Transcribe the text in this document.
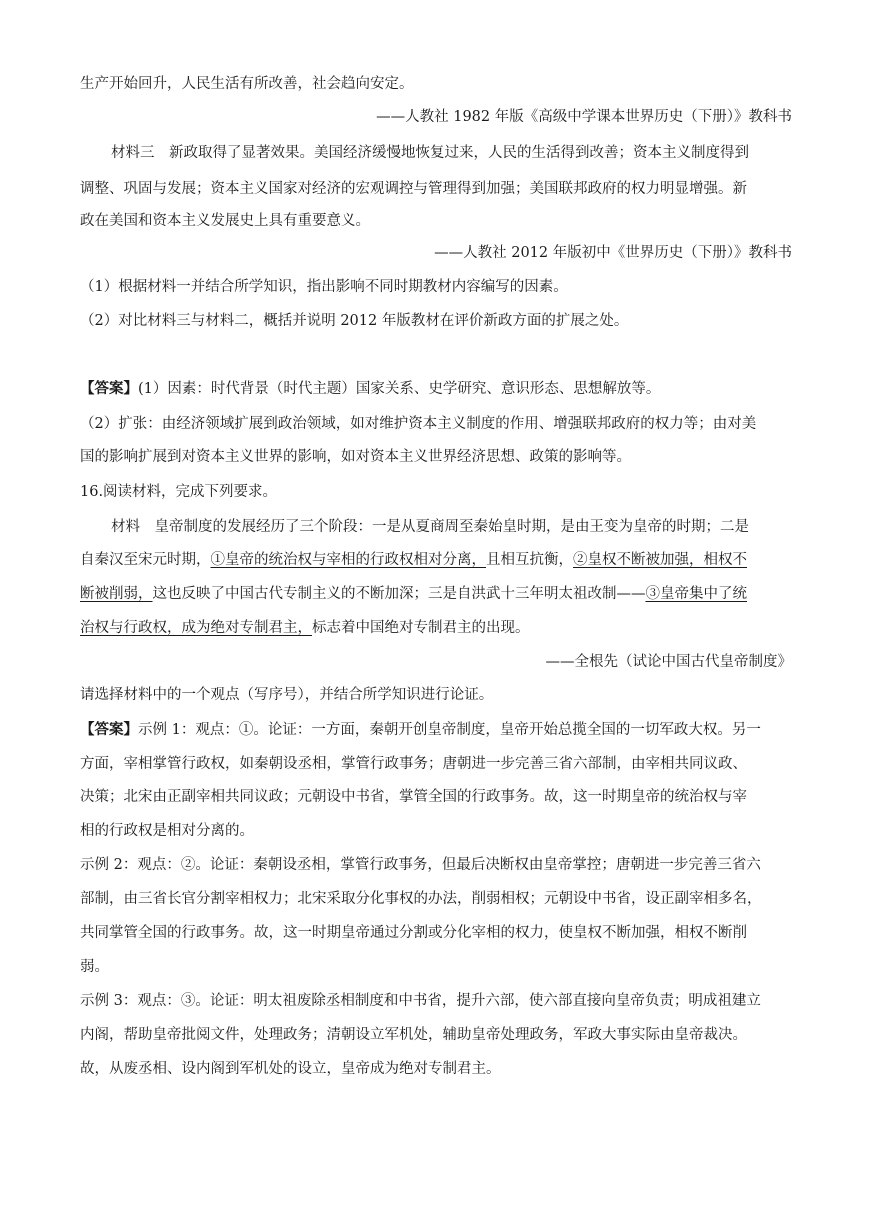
生产开始回升，人民生活有所改善，社会趋向安定。
——人教社 1982 年版《高级中学课本世界历史（下册）》教科书
材料三　新政取得了显著效果。美国经济缓慢地恢复过来，人民的生活得到改善；资本主义制度得到
调整、巩固与发展；资本主义国家对经济的宏观调控与管理得到加强；美国联邦政府的权力明显增强。新
政在美国和资本主义发展史上具有重要意义。
——人教社 2012 年版初中《世界历史（下册）》教科书
（1）根据材料一并结合所学知识，指出影响不同时期教材内容编写的因素。
（2）对比材料三与材料二，概括并说明 2012 年版教材在评价新政方面的扩展之处。
【答案】(1）因素：时代背景（时代主题）国家关系、史学研究、意识形态、思想解放等。
（2）扩张：由经济领域扩展到政治领域，如对维护资本主义制度的作用、增强联邦政府的权力等；由对美
国的影响扩展到对资本主义世界的影响，如对资本主义世界经济思想、政策的影响等。
16.阅读材料，完成下列要求。
材料　皇帝制度的发展经历了三个阶段：一是从夏商周至秦始皇时期，是由王变为皇帝的时期；二是
自秦汉至宋元时期，①皇帝的统治权与宰相的行政权相对分离，且相互抗衡，②皇权不断被加强，相权不
断被削弱，这也反映了中国古代专制主义的不断加深；三是自洪武十三年明太祖改制——③皇帝集中了统
治权与行政权，成为绝对专制君主，标志着中国绝对专制君主的出现。
——全根先（试论中国古代皇帝制度》
请选择材料中的一个观点（写序号），并结合所学知识进行论证。
【答案】示例 1：观点：①。论证：一方面，秦朝开创皇帝制度，皇帝开始总揽全国的一切军政大权。另一
方面，宰相掌管行政权，如秦朝设丞相，掌管行政事务；唐朝进一步完善三省六部制，由宰相共同议政、
决策；北宋由正副宰相共同议政；元朝设中书省，掌管全国的行政事务。故，这一时期皇帝的统治权与宰
相的行政权是相对分离的。
示例 2：观点：②。论证：秦朝设丞相，掌管行政事务，但最后决断权由皇帝掌控；唐朝进一步完善三省六
部制，由三省长官分割宰相权力；北宋采取分化事权的办法，削弱相权；元朝设中书省，设正副宰相多名，
共同掌管全国的行政事务。故，这一时期皇帝通过分割或分化宰相的权力，使皇权不断加强，相权不断削
弱。
示例 3：观点：③。论证：明太祖废除丞相制度和中书省，提升六部，使六部直接向皇帝负责；明成祖建立
内阁，帮助皇帝批阅文件，处理政务；清朝设立军机处，辅助皇帝处理政务，军政大事实际由皇帝裁决。
故，从废丞相、设内阁到军机处的设立，皇帝成为绝对专制君主。
